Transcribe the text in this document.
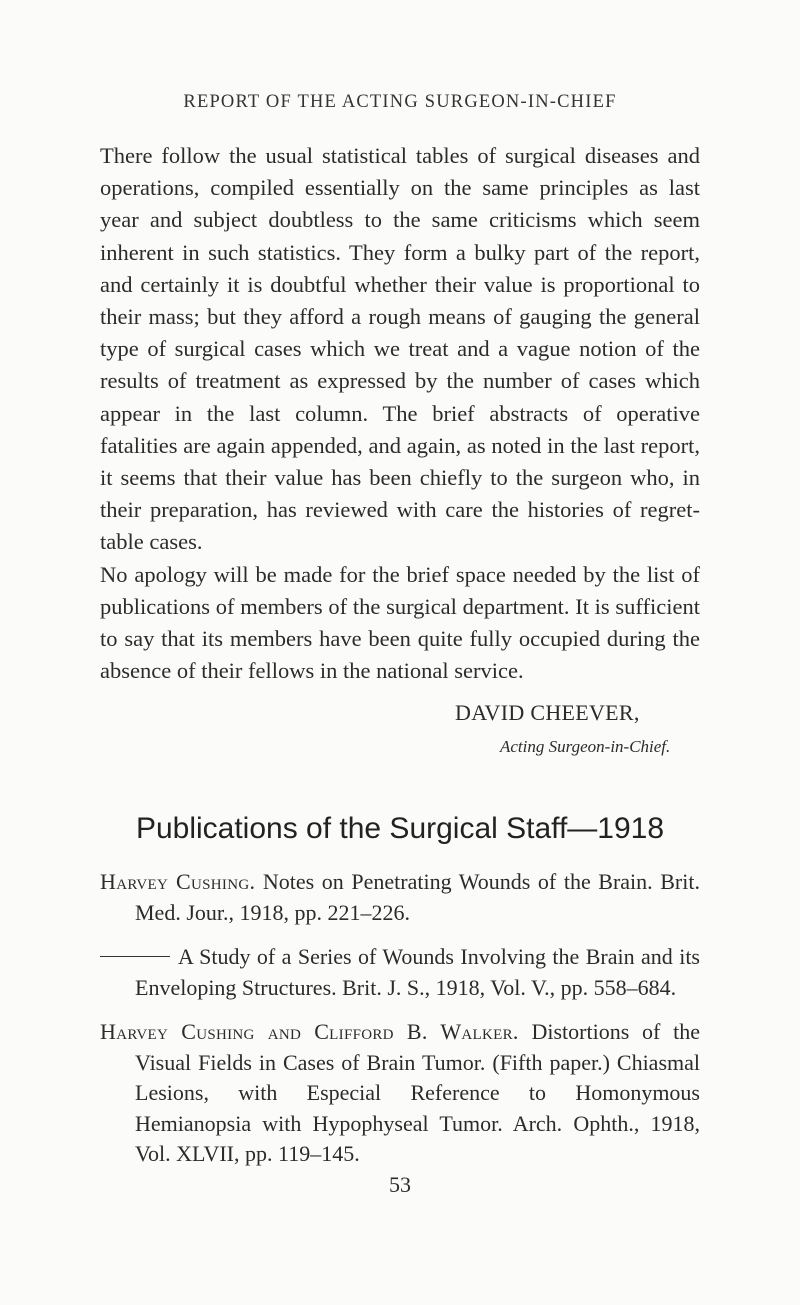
REPORT OF THE ACTING SURGEON-IN-CHIEF

There follow the usual statistical tables of surgical diseases and operations, compiled essentially on the same principles as last year and subject doubtless to the same criticisms which seem inherent in such statistics. They form a bulky part of the report, and certainly it is doubtful whether their value is proportional to their mass; but they afford a rough means of gauging the general type of surgical cases which we treat and a vague notion of the results of treatment as expressed by the number of cases which appear in the last column. The brief abstracts of operative fatalities are again appended, and again, as noted in the last report, it seems that their value has been chiefly to the surgeon who, in their preparation, has reviewed with care the histories of regrettable cases.

No apology will be made for the brief space needed by the list of publications of members of the surgical department. It is sufficient to say that its members have been quite fully occupied during the absence of their fellows in the national service.

DAVID CHEEVER,
Acting Surgeon-in-Chief.
Publications of the Surgical Staff—1918

Harvey Cushing. Notes on Penetrating Wounds of the Brain. Brit. Med. Jour., 1918, pp. 221–226.

A Study of a Series of Wounds Involving the Brain and its Enveloping Structures. Brit. J. S., 1918, Vol. V., pp. 558–684.

Harvey Cushing and Clifford B. Walker. Distortions of the Visual Fields in Cases of Brain Tumor. (Fifth paper.) Chiasmal Lesions, with Especial Reference to Homonymous Hemianopsia with Hypophyseal Tumor. Arch. Ophth., 1918, Vol. XLVII, pp. 119–145.

53
